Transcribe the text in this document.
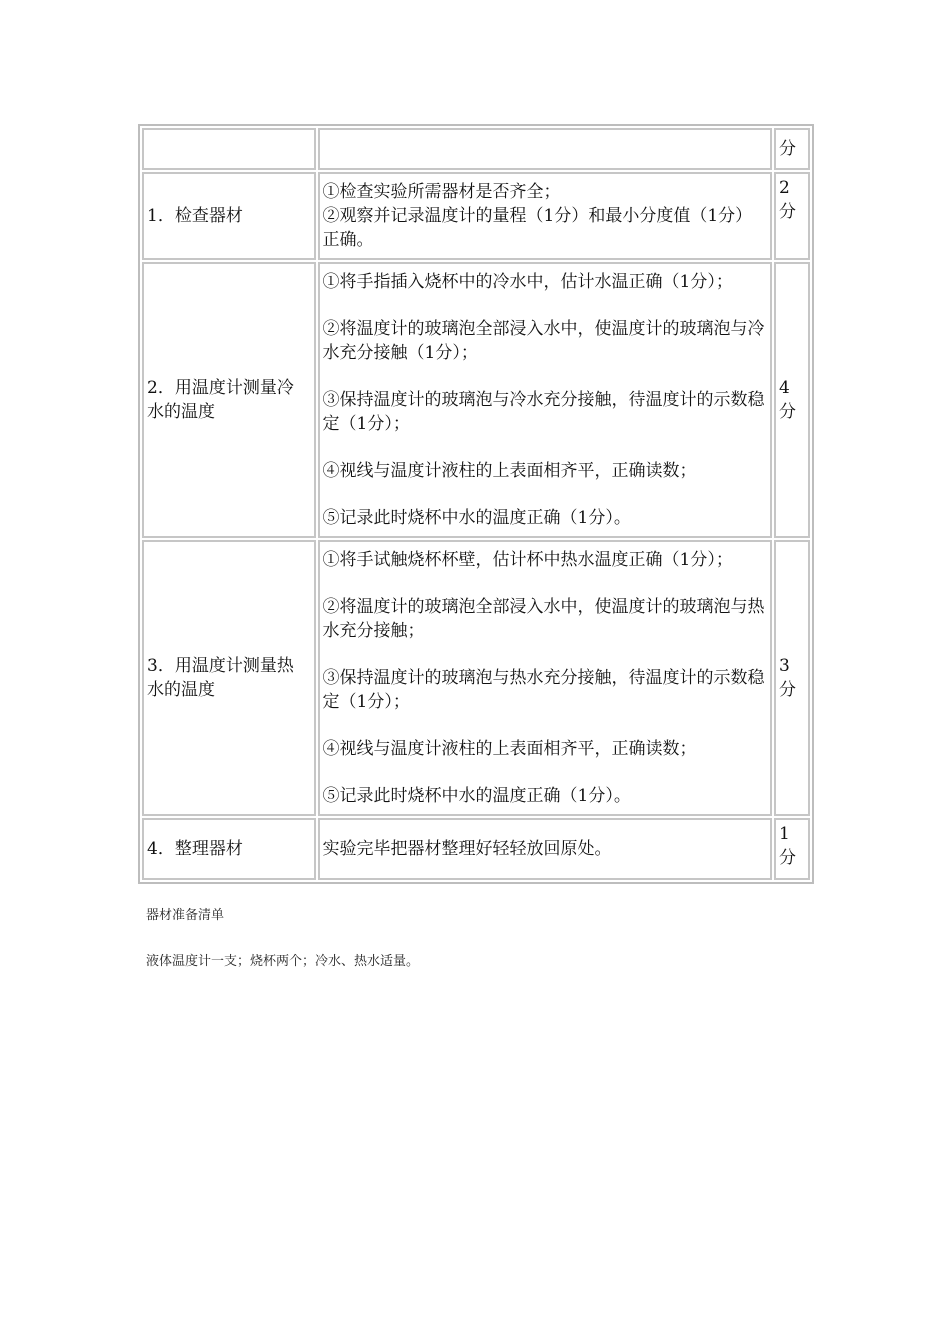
		分
1．检查器材	①检查实验所需器材是否齐全；

②观察并记录温度计的量程（1分）和最小分度值（1分）正确。	2分
2．用温度计测量冷水的温度	①将手指插入烧杯中的冷水中，估计水温正确（1分）；

②将温度计的玻璃泡全部浸入水中，使温度计的玻璃泡与冷水充分接触（1分）；

③保持温度计的玻璃泡与冷水充分接触，待温度计的示数稳定（1分）；

④视线与温度计液柱的上表面相齐平，正确读数；

⑤记录此时烧杯中水的温度正确（1分）。	4分
3．用温度计测量热水的温度	①将手试触烧杯杯壁，估计杯中热水温度正确（1分）；

②将温度计的玻璃泡全部浸入水中，使温度计的玻璃泡与热水充分接触；

③保持温度计的玻璃泡与热水充分接触，待温度计的示数稳定（1分）；

④视线与温度计液柱的上表面相齐平，正确读数；

⑤记录此时烧杯中水的温度正确（1分）。	3分
4．整理器材	实验完毕把器材整理好轻轻放回原处。	1分
器材准备清单
液体温度计一支；烧杯两个；冷水、热水适量。
